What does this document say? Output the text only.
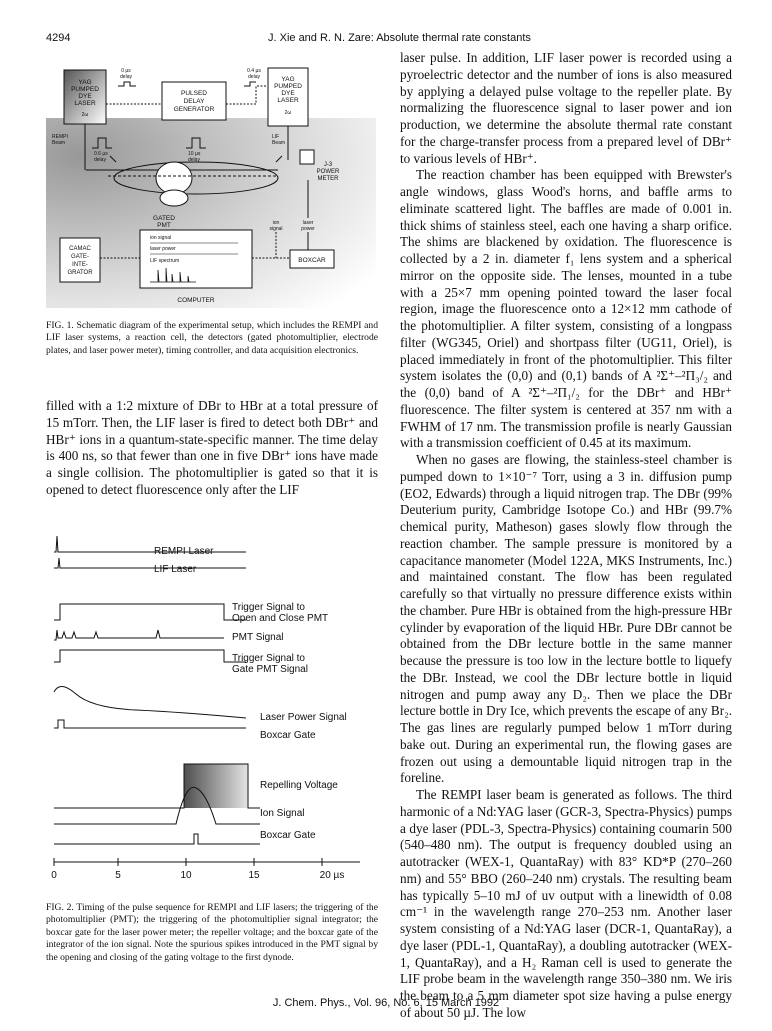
4294	J. Xie and R. N. Zare: Absolute thermal rate constants
YAG
PUMPED
DYE
LASER
2ω
PULSED
DELAY
GENERATOR
0 µs
delay
0.4 µs
delay	YAG
PUMPED
DYE
LASER
2ω
REMPI
Beam
LIF
Beam
0.6 µs
delay
10 µs
delay
J-3
POWER
METER
GATED
PMT	ion
signal
laser
power
CAMAC
GATE-
INTE-
GRATOR
ion signal
laser power
LIF spectrum	BOXCAR
COMPUTER
FIG. 1. Schematic diagram of the experimental setup, which includes the REMPI and LIF laser systems, a reaction cell, the detectors (gated photomultiplier, electrode plates, and laser power meter), timing controller, and data acquisition electronics.

filled with a 1:2 mixture of DBr to HBr at a total pressure of 15 mTorr. Then, the LIF laser is fired to detect both DBr⁺ and HBr⁺ ions in a quantum-state-specific manner. The time delay is 400 ns, so that fewer than one in five DBr⁺ ions have made a single collision. The photomultiplier is gated so that it is opened to detect fluorescence only after the LIF

REMPI Laser
LIF Laser
Trigger Signal to
Open and Close PMT
PMT Signal
Trigger Signal to
Gate PMT Signal
Laser Power Signal
Boxcar Gate
Repelling Voltage
Ion Signal
Boxcar Gate
0	5	10	15	20 µs
FIG. 2. Timing of the pulse sequence for REMPI and LIF lasers; the triggering of the photomultiplier (PMT); the triggering of the photomultiplier signal integrator; the boxcar gate for the laser power meter; the repeller voltage; and the boxcar gate of the integrator of the ion signal. Note the spurious spikes introduced in the PMT signal by the opening and closing of the gating voltage to the first dynode.

laser pulse. In addition, LIF laser power is recorded using a pyroelectric detector and the number of ions is also measured by applying a delayed pulse voltage to the repeller plate. By normalizing the fluorescence signal to laser power and ion production, we determine the absolute thermal rate constant for the charge-transfer process from a prepared level of DBr⁺ to various levels of HBr⁺.

The reaction chamber has been equipped with Brewster's angle windows, glass Wood's horns, and baffle arms to eliminate scattered light. The baffles are made of 0.001 in. thick shims of stainless steel, each one having a sharp orifice. The shims are blackened by oxidation. The fluorescence is collected by a 2 in. diameter f₁ lens system and a spherical mirror on the opposite side. The lenses, mounted in a tube with a 25×7 mm opening pointed toward the laser focal region, image the fluorescence onto a 12×12 mm cathode of the photomultiplier. A filter system, consisting of a longpass filter (WG345, Oriel) and shortpass filter (UG11, Oriel), is placed immediately in front of the photomultiplier. This filter system isolates the (0,0) and (0,1) bands of A ²Σ⁺–²Π₃/₂ and the (0,0) band of A ²Σ⁺–²Π₁/₂ for the DBr⁺ and HBr⁺ fluorescence. The filter system is centered at 357 nm with a FWHM of 17 nm. The transmission profile is nearly Gaussian with a transmission coefficient of 0.45 at its maximum.

When no gases are flowing, the stainless-steel chamber is pumped down to 1×10⁻⁷ Torr, using a 3 in. diffusion pump (EO2, Edwards) through a liquid nitrogen trap. The DBr (99% Deuterium purity, Cambridge Isotope Co.) and HBr (99.7% chemical purity, Matheson) gases slowly flow through the reaction chamber. The sample pressure is monitored by a capacitance manometer (Model 122A, MKS Instruments, Inc.) and maintained constant. The flow has been regulated carefully so that virtually no pressure difference exists within the chamber. Pure HBr is obtained from the high-pressure HBr cylinder by evaporation of the liquid HBr. Pure DBr cannot be obtained from the DBr lecture bottle in the same manner because the pressure is too low in the lecture bottle to liquefy the DBr. Instead, we cool the DBr lecture bottle in liquid nitrogen and pump away any D₂. Then we place the DBr lecture bottle in Dry Ice, which prevents the escape of any Br₂. The gas lines are regularly pumped below 1 mTorr during bake out. During an experimental run, the flowing gases are frozen out using a demountable liquid nitrogen trap in the foreline.

The REMPI laser beam is generated as follows. The third harmonic of a Nd:YAG laser (GCR-3, Spectra-Physics) pumps a dye laser (PDL-3, Spectra-Physics) containing coumarin 500 (540–480 nm). The output is frequency doubled using an autotracker (WEX-1, QuantaRay) with 83° KD*P (270–260 nm) and 55° BBO (260–240 nm) crystals. The resulting beam has typically 5–10 mJ of uv output with a linewidth of 0.08 cm⁻¹ in the wavelength range 270–253 nm. Another laser system consisting of a Nd:YAG laser (DCR-1, QuantaRay), a dye laser (PDL-1, QuantaRay), a doubling autotracker (WEX-1, QuantaRay), and a H₂ Raman cell is used to generate the LIF probe beam in the wavelength range 350–380 nm. We iris the beam to a 5 mm diameter spot size having a pulse energy of about 50 µJ. The low

J. Chem. Phys., Vol. 96, No. 6, 15 March 1992
